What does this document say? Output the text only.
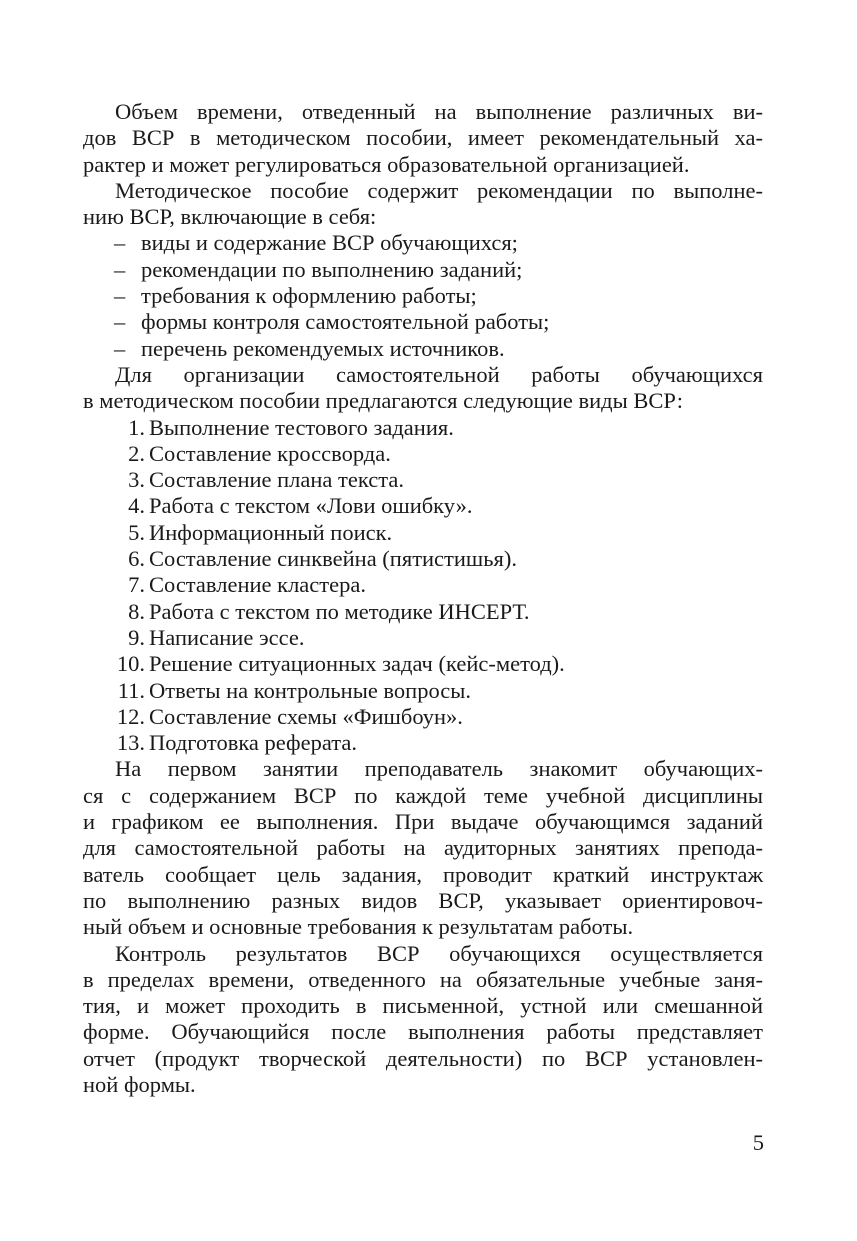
Объем времени, отведенный на выполнение различных ви-
дов ВСР в методическом пособии, имеет рекомендательный ха-
рактер и может регулироваться образовательной организацией.
Методическое пособие содержит рекомендации по выполне-
нию ВСР, включающие в себя:
– виды и содержание ВСР обучающихся;
– рекомендации по выполнению заданий;
– требования к оформлению работы;
– формы контроля самостоятельной работы;
– перечень рекомендуемых источников.
Для организации самостоятельной работы обучающихся
в методическом пособии предлагаются следующие виды ВСР:
1. Выполнение тестового задания.
2. Составление кроссворда.
3. Составление плана текста.
4. Работа с текстом «Лови ошибку».
5. Информационный поиск.
6. Составление синквейна (пятистишья).
7. Составление кластера.
8. Работа с текстом по методике ИНСЕРТ.
9. Написание эссе.
10. Решение ситуационных задач (кейс-метод).
11. Ответы на контрольные вопросы.
12. Составление схемы «Фишбоун».
13. Подготовка реферата.
На первом занятии преподаватель знакомит обучающих-
ся с содержанием ВСР по каждой теме учебной дисциплины
и графиком ее выполнения. При выдаче обучающимся заданий
для самостоятельной работы на аудиторных занятиях препода-
ватель сообщает цель задания, проводит краткий инструктаж
по выполнению разных видов ВСР, указывает ориентировоч-
ный объем и основные требования к результатам работы.
Контроль результатов ВСР обучающихся осуществляется
в пределах времени, отведенного на обязательные учебные заня-
тия, и может проходить в письменной, устной или смешанной
форме. Обучающийся после выполнения работы представляет
отчет (продукт творческой деятельности) по ВСР установлен-
ной формы.
5
